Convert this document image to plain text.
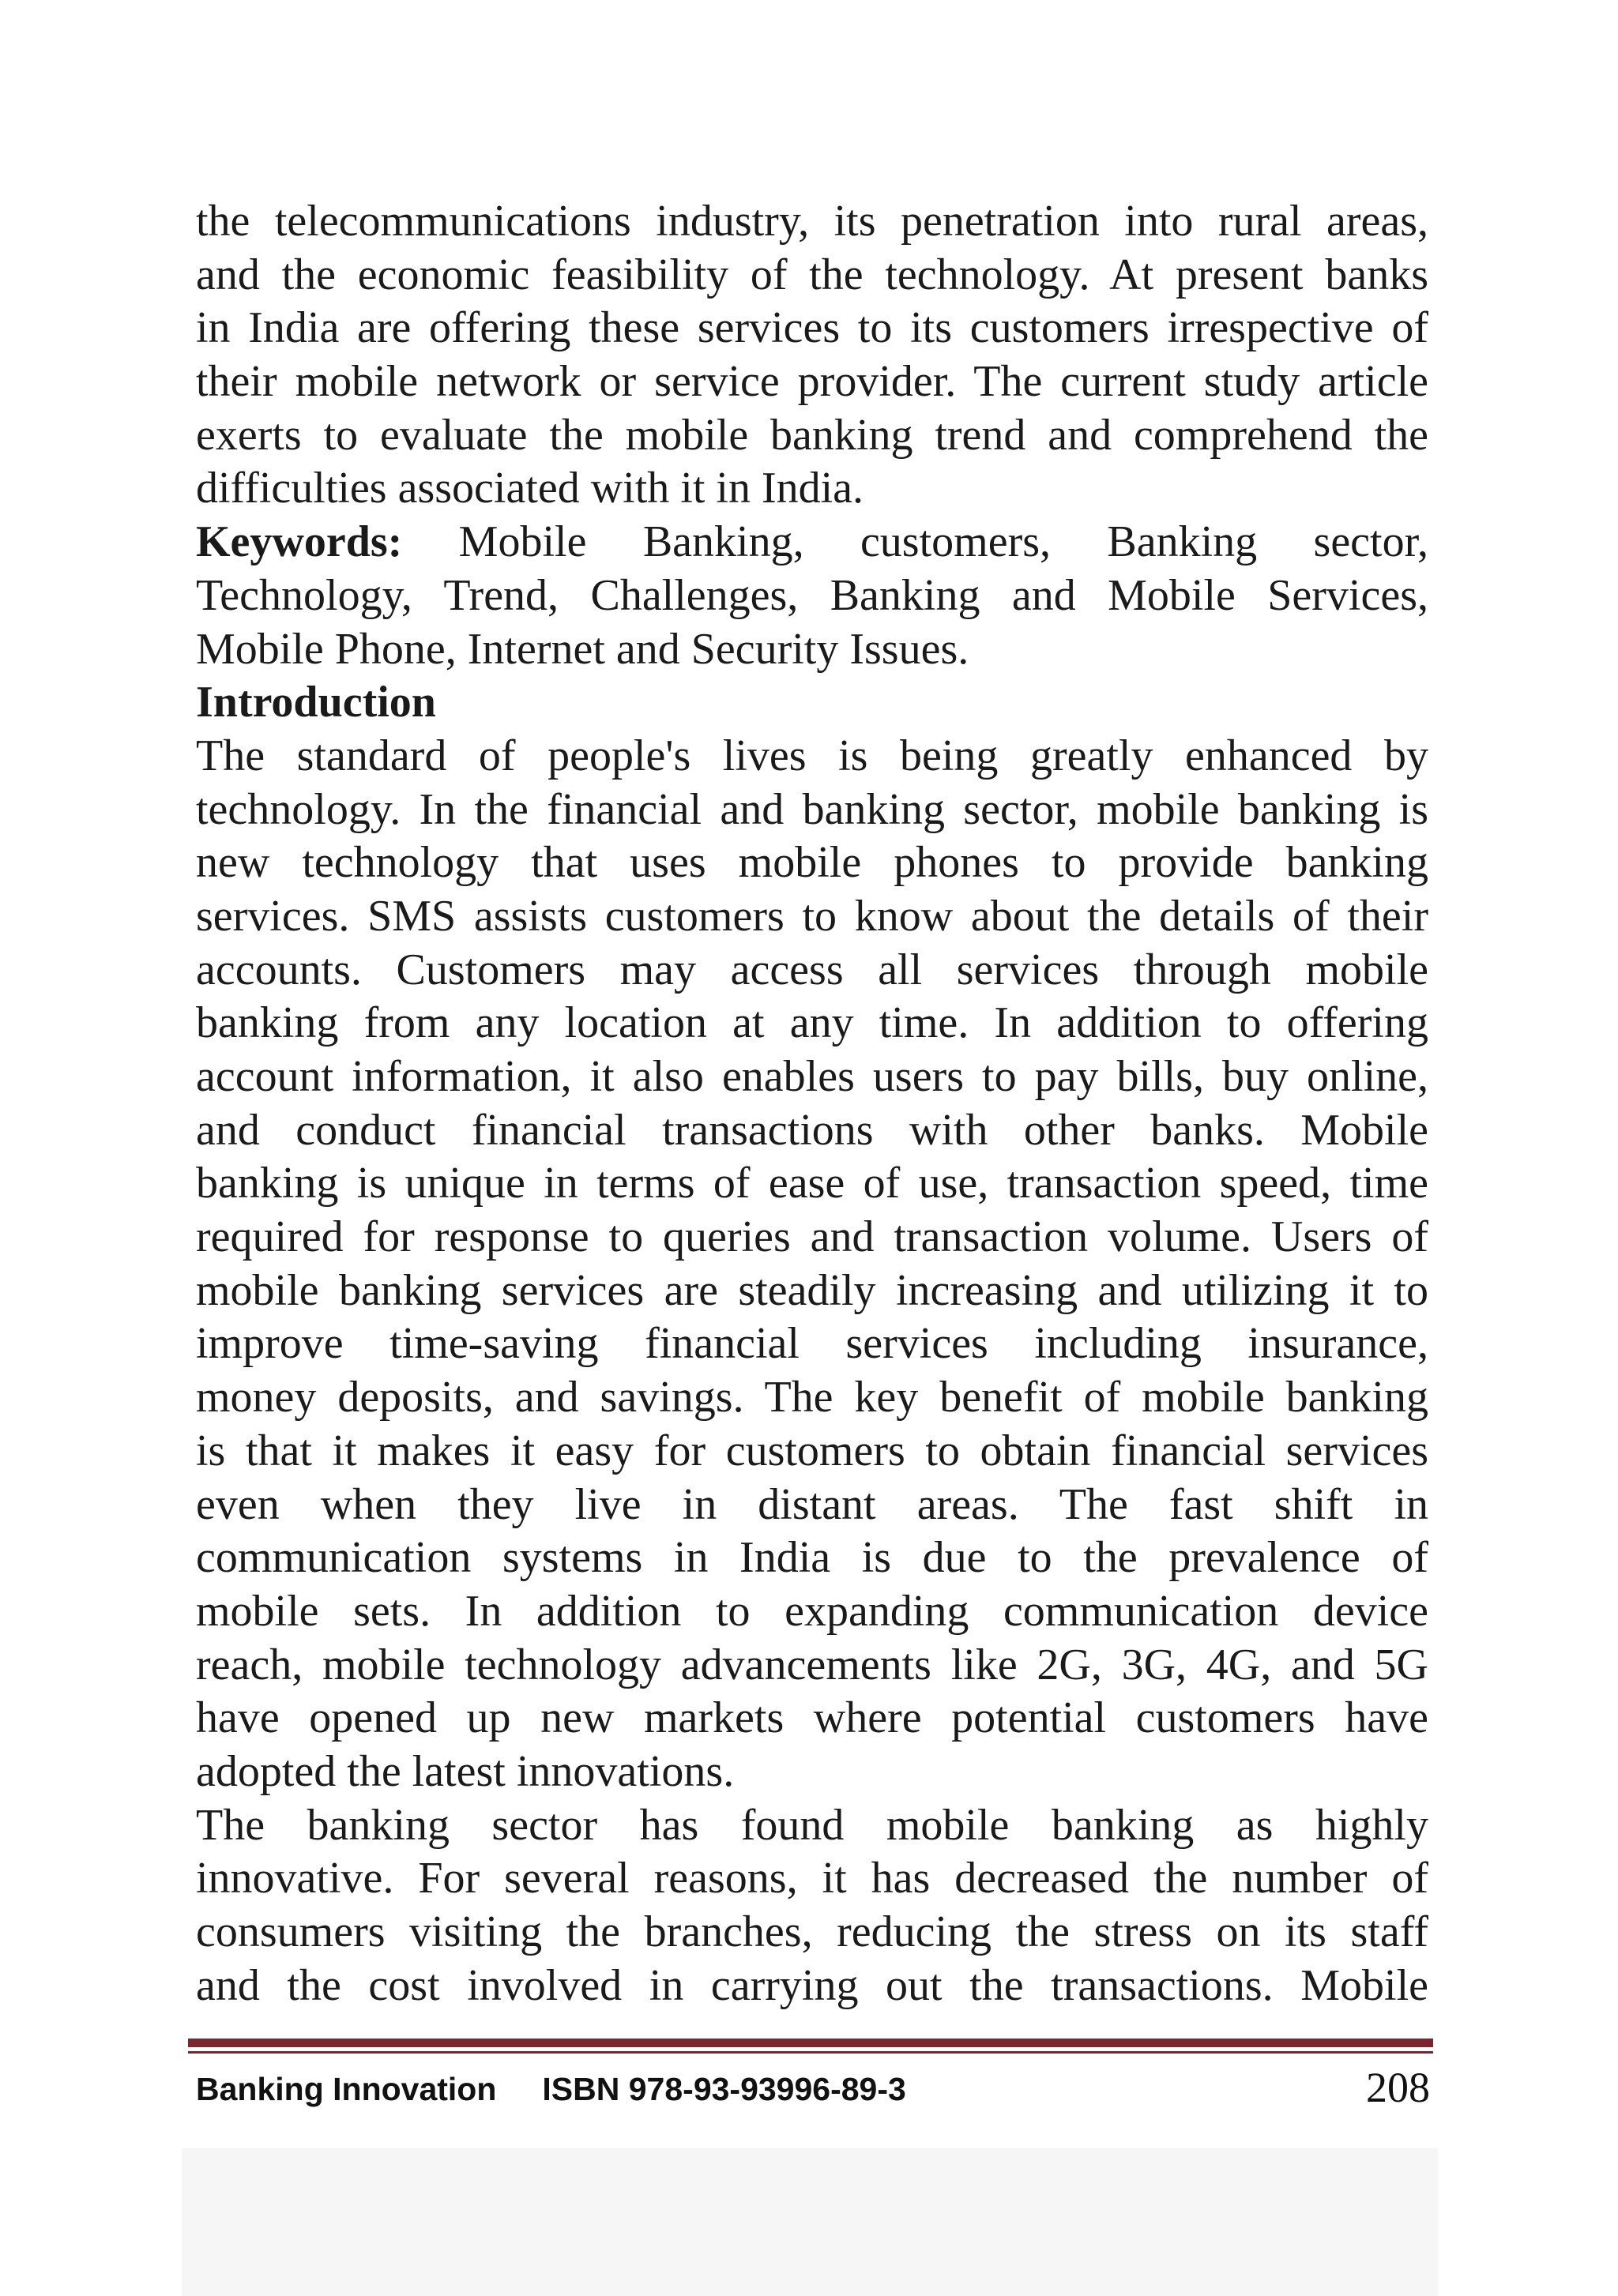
the telecommunications industry, its penetration into rural areas,
and the economic feasibility of the technology. At present banks
in India are offering these services to its customers irrespective of
their mobile network or service provider. The current study article
exerts to evaluate the mobile banking trend and comprehend the
difficulties associated with it in India.
Keywords: Mobile Banking, customers, Banking sector,
Technology, Trend, Challenges, Banking and Mobile Services,
Mobile Phone, Internet and Security Issues.
Introduction
The standard of people's lives is being greatly enhanced by
technology. In the financial and banking sector, mobile banking is
new technology that uses mobile phones to provide banking
services. SMS assists customers to know about the details of their
accounts. Customers may access all services through mobile
banking from any location at any time. In addition to offering
account information, it also enables users to pay bills, buy online,
and conduct financial transactions with other banks. Mobile
banking is unique in terms of ease of use, transaction speed, time
required for response to queries and transaction volume. Users of
mobile banking services are steadily increasing and utilizing it to
improve time-saving financial services including insurance,
money deposits, and savings. The key benefit of mobile banking
is that it makes it easy for customers to obtain financial services
even when they live in distant areas. The fast shift in
communication systems in India is due to the prevalence of
mobile sets. In addition to expanding communication device
reach, mobile technology advancements like 2G, 3G, 4G, and 5G
have opened up new markets where potential customers have
adopted the latest innovations.
The banking sector has found mobile banking as highly
innovative. For several reasons, it has decreased the number of
consumers visiting the branches, reducing the stress on its staff
and the cost involved in carrying out the transactions. Mobile
Banking Innovation ISBN 978-93-93996-89-3	208
